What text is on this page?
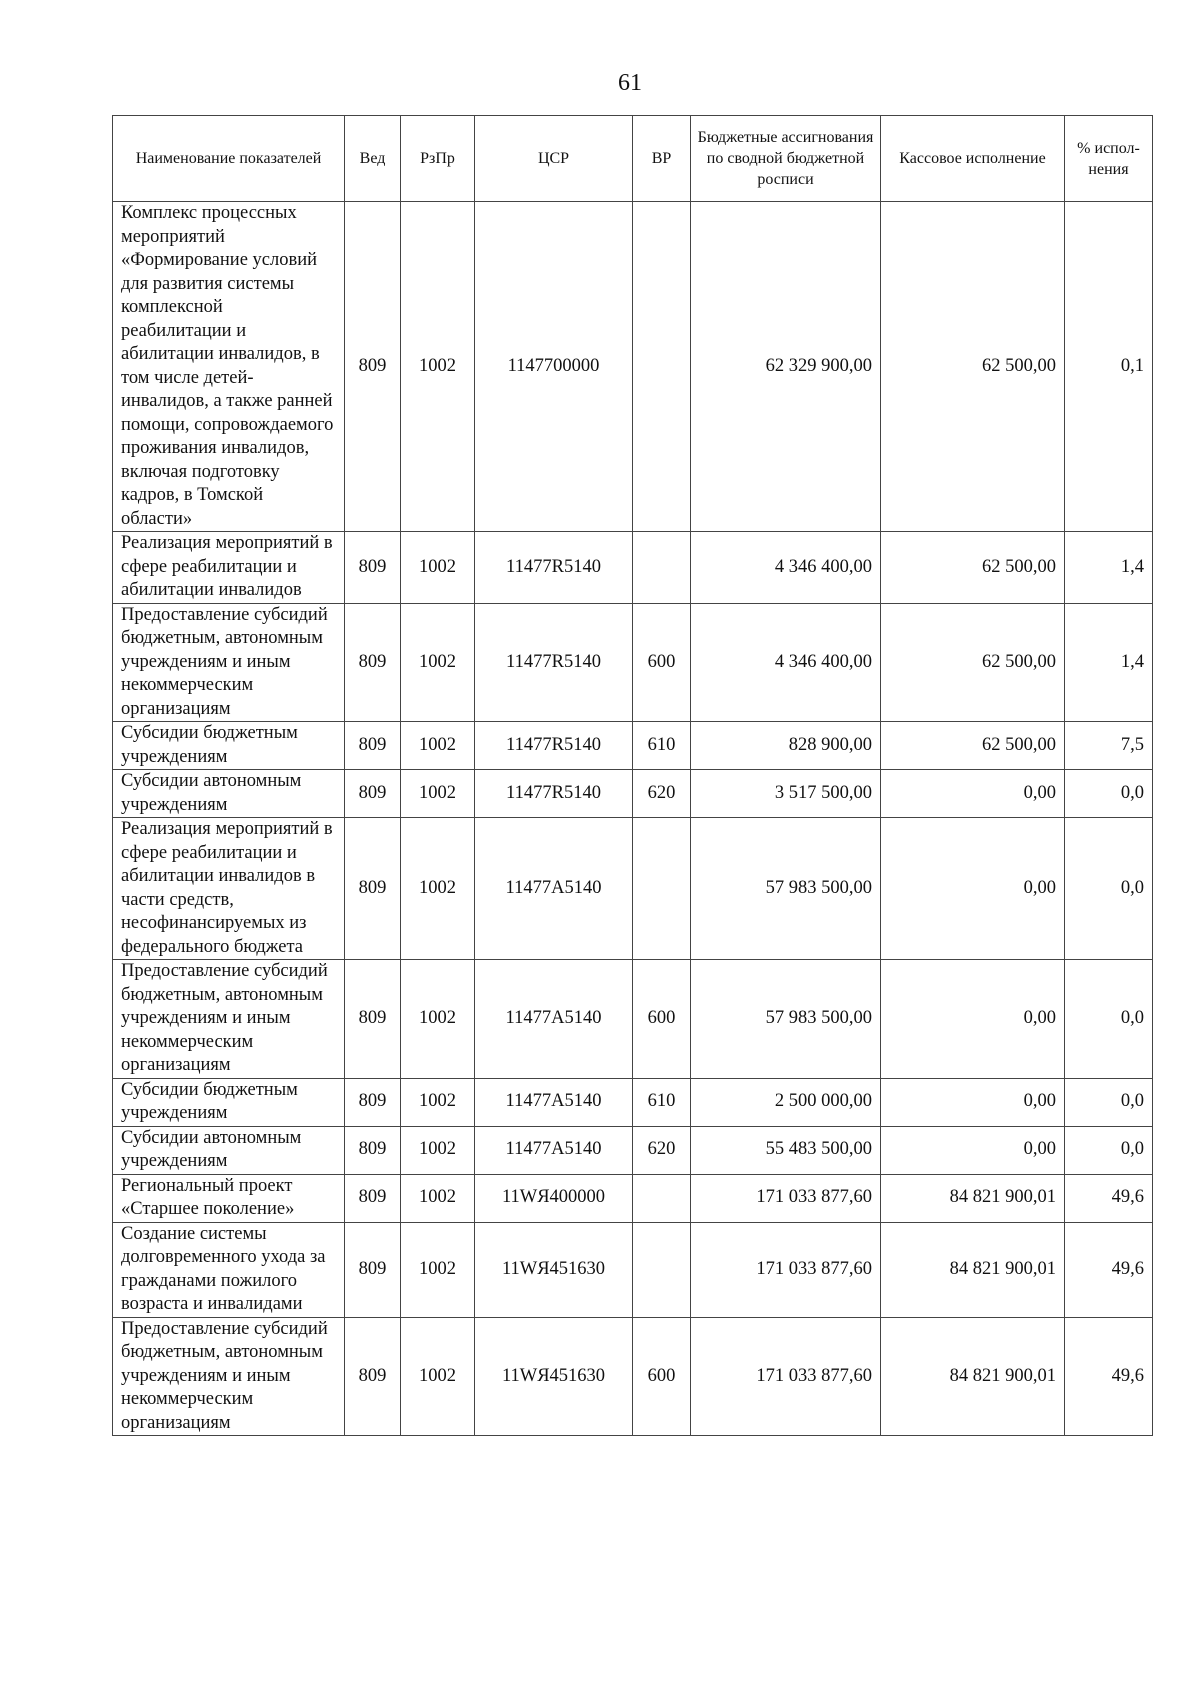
61
Наименование показателей	Вед	РзПр	ЦСР	ВР	Бюджетные ассигнования по сводной бюджетной росписи	Кассовое исполнение	% испол-нения
Комплекс процессных мероприятий «Формирование условий для развития системы комплексной реабилитации и абилитации инвалидов, в том числе детей-инвалидов, а также ранней помощи, сопровождаемого проживания инвалидов, включая подготовку кадров, в Томской области»	809	1002	1147700000		62 329 900,00	62 500,00	0,1
Реализация мероприятий в сфере реабилитации и абилитации инвалидов	809	1002	11477R5140		4 346 400,00	62 500,00	1,4
Предоставление субсидий бюджетным, автономным учреждениям и иным некоммерческим организациям	809	1002	11477R5140	600	4 346 400,00	62 500,00	1,4
Субсидии бюджетным учреждениям	809	1002	11477R5140	610	828 900,00	62 500,00	7,5
Субсидии автономным учреждениям	809	1002	11477R5140	620	3 517 500,00	0,00	0,0
Реализация мероприятий в сфере реабилитации и абилитации инвалидов в части средств, несофинансируемых из федерального бюджета	809	1002	11477A5140		57 983 500,00	0,00	0,0
Предоставление субсидий бюджетным, автономным учреждениям и иным некоммерческим организациям	809	1002	11477A5140	600	57 983 500,00	0,00	0,0
Субсидии бюджетным учреждениям	809	1002	11477A5140	610	2 500 000,00	0,00	0,0
Субсидии автономным учреждениям	809	1002	11477A5140	620	55 483 500,00	0,00	0,0
Региональный проект «Старшее поколение»	809	1002	11WЯ400000		171 033 877,60	84 821 900,01	49,6
Создание системы долговременного ухода за гражданами пожилого возраста и инвалидами	809	1002	11WЯ451630		171 033 877,60	84 821 900,01	49,6
Предоставление субсидий бюджетным, автономным учреждениям и иным некоммерческим организациям	809	1002	11WЯ451630	600	171 033 877,60	84 821 900,01	49,6
